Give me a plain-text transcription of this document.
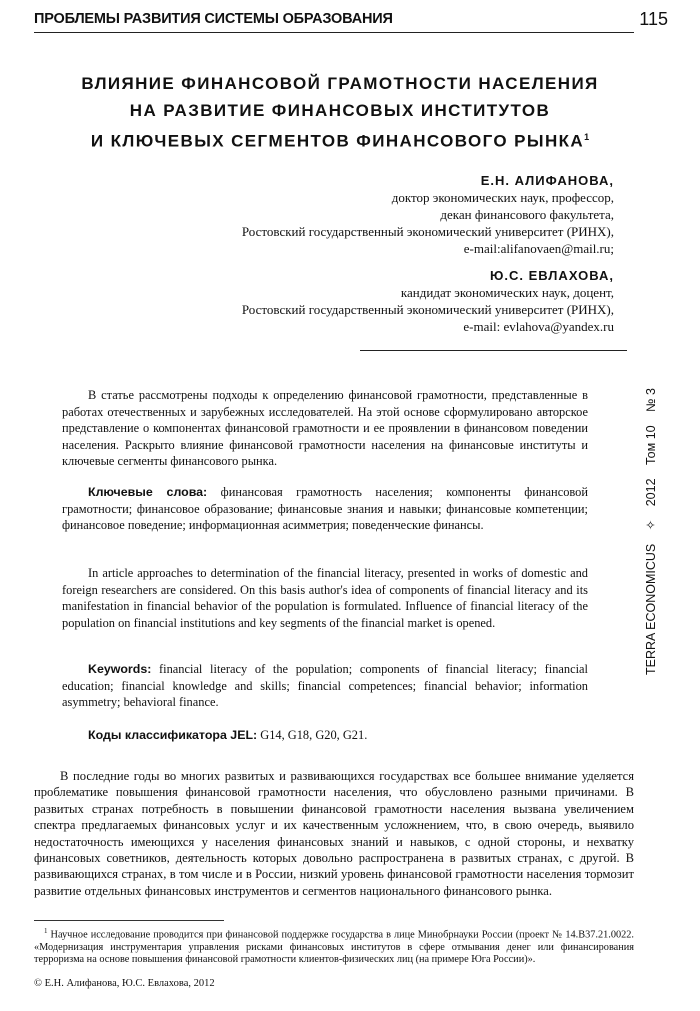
ПРОБЛЕМЫ РАЗВИТИЯ СИСТЕМЫ ОБРАЗОВАНИЯ	115
ВЛИЯНИЕ ФИНАНСОВОЙ ГРАМОТНОСТИ НАСЕЛЕНИЯ
НА РАЗВИТИЕ ФИНАНСОВЫХ ИНСТИТУТОВ
И КЛЮЧЕВЫХ СЕГМЕНТОВ ФИНАНСОВОГО РЫНКА$^1$
Е.Н. АЛИФАНОВА,
доктор экономических наук, профессор,
декан финансового факультета,
Ростовский государственный экономический университет (РИНХ),
e-mail:alifanovaen@mail.ru;
Ю.С. ЕВЛАХОВА,
кандидат экономических наук, доцент,
Ростовский государственный экономический университет (РИНХ),
e-mail: evlahova@yandex.ru
TERRA ECONOMICUS ✧ 2012 Том 10 № 3

В статье рассмотрены подходы к определению финансовой грамотности, представленные в работах отечественных и зарубежных исследователей. На этой основе сформулировано авторское представление о компонентах финансовой грамотности и ее проявлении в финансовом поведении населения. Раскрыто влияние финансовой грамотности населения на финансовые институты и ключевые сегменты финансового рынка.

Ключевые слова: финансовая грамотность населения; компоненты финансовой грамотности; финансовое образование; финансовые знания и навыки; финансовые компетенции; финансовое поведение; информационная асимметрия; поведенческие финансы.

In article approaches to determination of the financial literacy, presented in works of domestic and foreign researchers are considered. On this basis author's idea of components of financial literacy and its manifestation in financial behavior of the population is formulated. Influence of financial literacy of the population on financial institutions and key segments of the financial market is opened.

Keywords: financial literacy of the population; components of financial literacy; financial education; financial knowledge and skills; financial competences; financial behavior; information asymmetry; behavioral finance.

Коды классификатора JEL: G14, G18, G20, G21.

В последние годы во многих развитых и развивающихся государствах все большее внимание уделяется проблематике повышения финансовой грамотности населения, что обусловлено разными причинами. В развитых странах потребность в повышении финансовой грамотности населения вызвана увеличением спектра предлагаемых финансовых услуг и их качественным усложнением, что, в свою очередь, выявило недостаточность имеющихся у населения финансовых знаний и навыков, с одной стороны, и нехватку финансовых советников, деятельность которых довольно распространена в развитых странах, с другой. В развивающихся странах, в том числе и в России, низкий уровень финансовой грамотности населения тормозит развитие отдельных финансовых инструментов и сегментов национального финансового рынка.

$^1$ Научное исследование проводится при финансовой поддержке государства в лице Минобрнауки России (проект № 14.В37.21.0022. «Модернизация инструментария управления рисками финансовых институтов в сфере отмывания денег или финансирования терроризма на основе повышения финансовой грамотности клиентов-физических лиц (на примере Юга России)».

© Е.Н. Алифанова, Ю.С. Евлахова, 2012
